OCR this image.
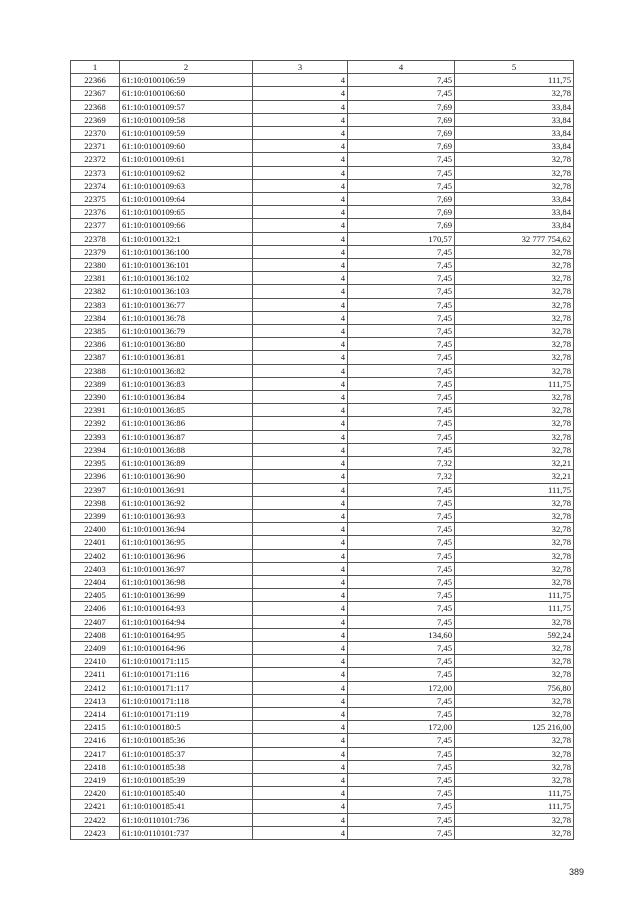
1	2	3	4	5
22366	61:10:0100106:59	4	7,45	111,75
22367	61:10:0100106:60	4	7,45	32,78
22368	61:10:0100109:57	4	7,69	33,84
22369	61:10:0100109:58	4	7,69	33,84
22370	61:10:0100109:59	4	7,69	33,84
22371	61:10:0100109:60	4	7,69	33,84
22372	61:10:0100109:61	4	7,45	32,78
22373	61:10:0100109:62	4	7,45	32,78
22374	61:10:0100109:63	4	7,45	32,78
22375	61:10:0100109:64	4	7,69	33,84
22376	61:10:0100109:65	4	7,69	33,84
22377	61:10:0100109:66	4	7,69	33,84
22378	61:10:0100132:1	4	170,57	32 777 754,62
22379	61:10:0100136:100	4	7,45	32,78
22380	61:10:0100136:101	4	7,45	32,78
22381	61:10:0100136:102	4	7,45	32,78
22382	61:10:0100136:103	4	7,45	32,78
22383	61:10:0100136:77	4	7,45	32,78
22384	61:10:0100136:78	4	7,45	32,78
22385	61:10:0100136:79	4	7,45	32,78
22386	61:10:0100136:80	4	7,45	32,78
22387	61:10:0100136:81	4	7,45	32,78
22388	61:10:0100136:82	4	7,45	32,78
22389	61:10:0100136:83	4	7,45	111,75
22390	61:10:0100136:84	4	7,45	32,78
22391	61:10:0100136:85	4	7,45	32,78
22392	61:10:0100136:86	4	7,45	32,78
22393	61:10:0100136:87	4	7,45	32,78
22394	61:10:0100136:88	4	7,45	32,78
22395	61:10:0100136:89	4	7,32	32,21
22396	61:10:0100136:90	4	7,32	32,21
22397	61:10:0100136:91	4	7,45	111,75
22398	61:10:0100136:92	4	7,45	32,78
22399	61:10:0100136:93	4	7,45	32,78
22400	61:10:0100136:94	4	7,45	32,78
22401	61:10:0100136:95	4	7,45	32,78
22402	61:10:0100136:96	4	7,45	32,78
22403	61:10:0100136:97	4	7,45	32,78
22404	61:10:0100136:98	4	7,45	32,78
22405	61:10:0100136:99	4	7,45	111,75
22406	61:10:0100164:93	4	7,45	111,75
22407	61:10:0100164:94	4	7,45	32,78
22408	61:10:0100164:95	4	134,60	592,24
22409	61:10:0100164:96	4	7,45	32,78
22410	61:10:0100171:115	4	7,45	32,78
22411	61:10:0100171:116	4	7,45	32,78
22412	61:10:0100171:117	4	172,00	756,80
22413	61:10:0100171:118	4	7,45	32,78
22414	61:10:0100171:119	4	7,45	32,78
22415	61:10:0100180:5	4	172,00	125 216,00
22416	61:10:0100185:36	4	7,45	32,78
22417	61:10:0100185:37	4	7,45	32,78
22418	61:10:0100185:38	4	7,45	32,78
22419	61:10:0100185:39	4	7,45	32,78
22420	61:10:0100185:40	4	7,45	111,75
22421	61:10:0100185:41	4	7,45	111,75
22422	61:10:0110101:736	4	7,45	32,78
22423	61:10:0110101:737	4	7,45	32,78
389
